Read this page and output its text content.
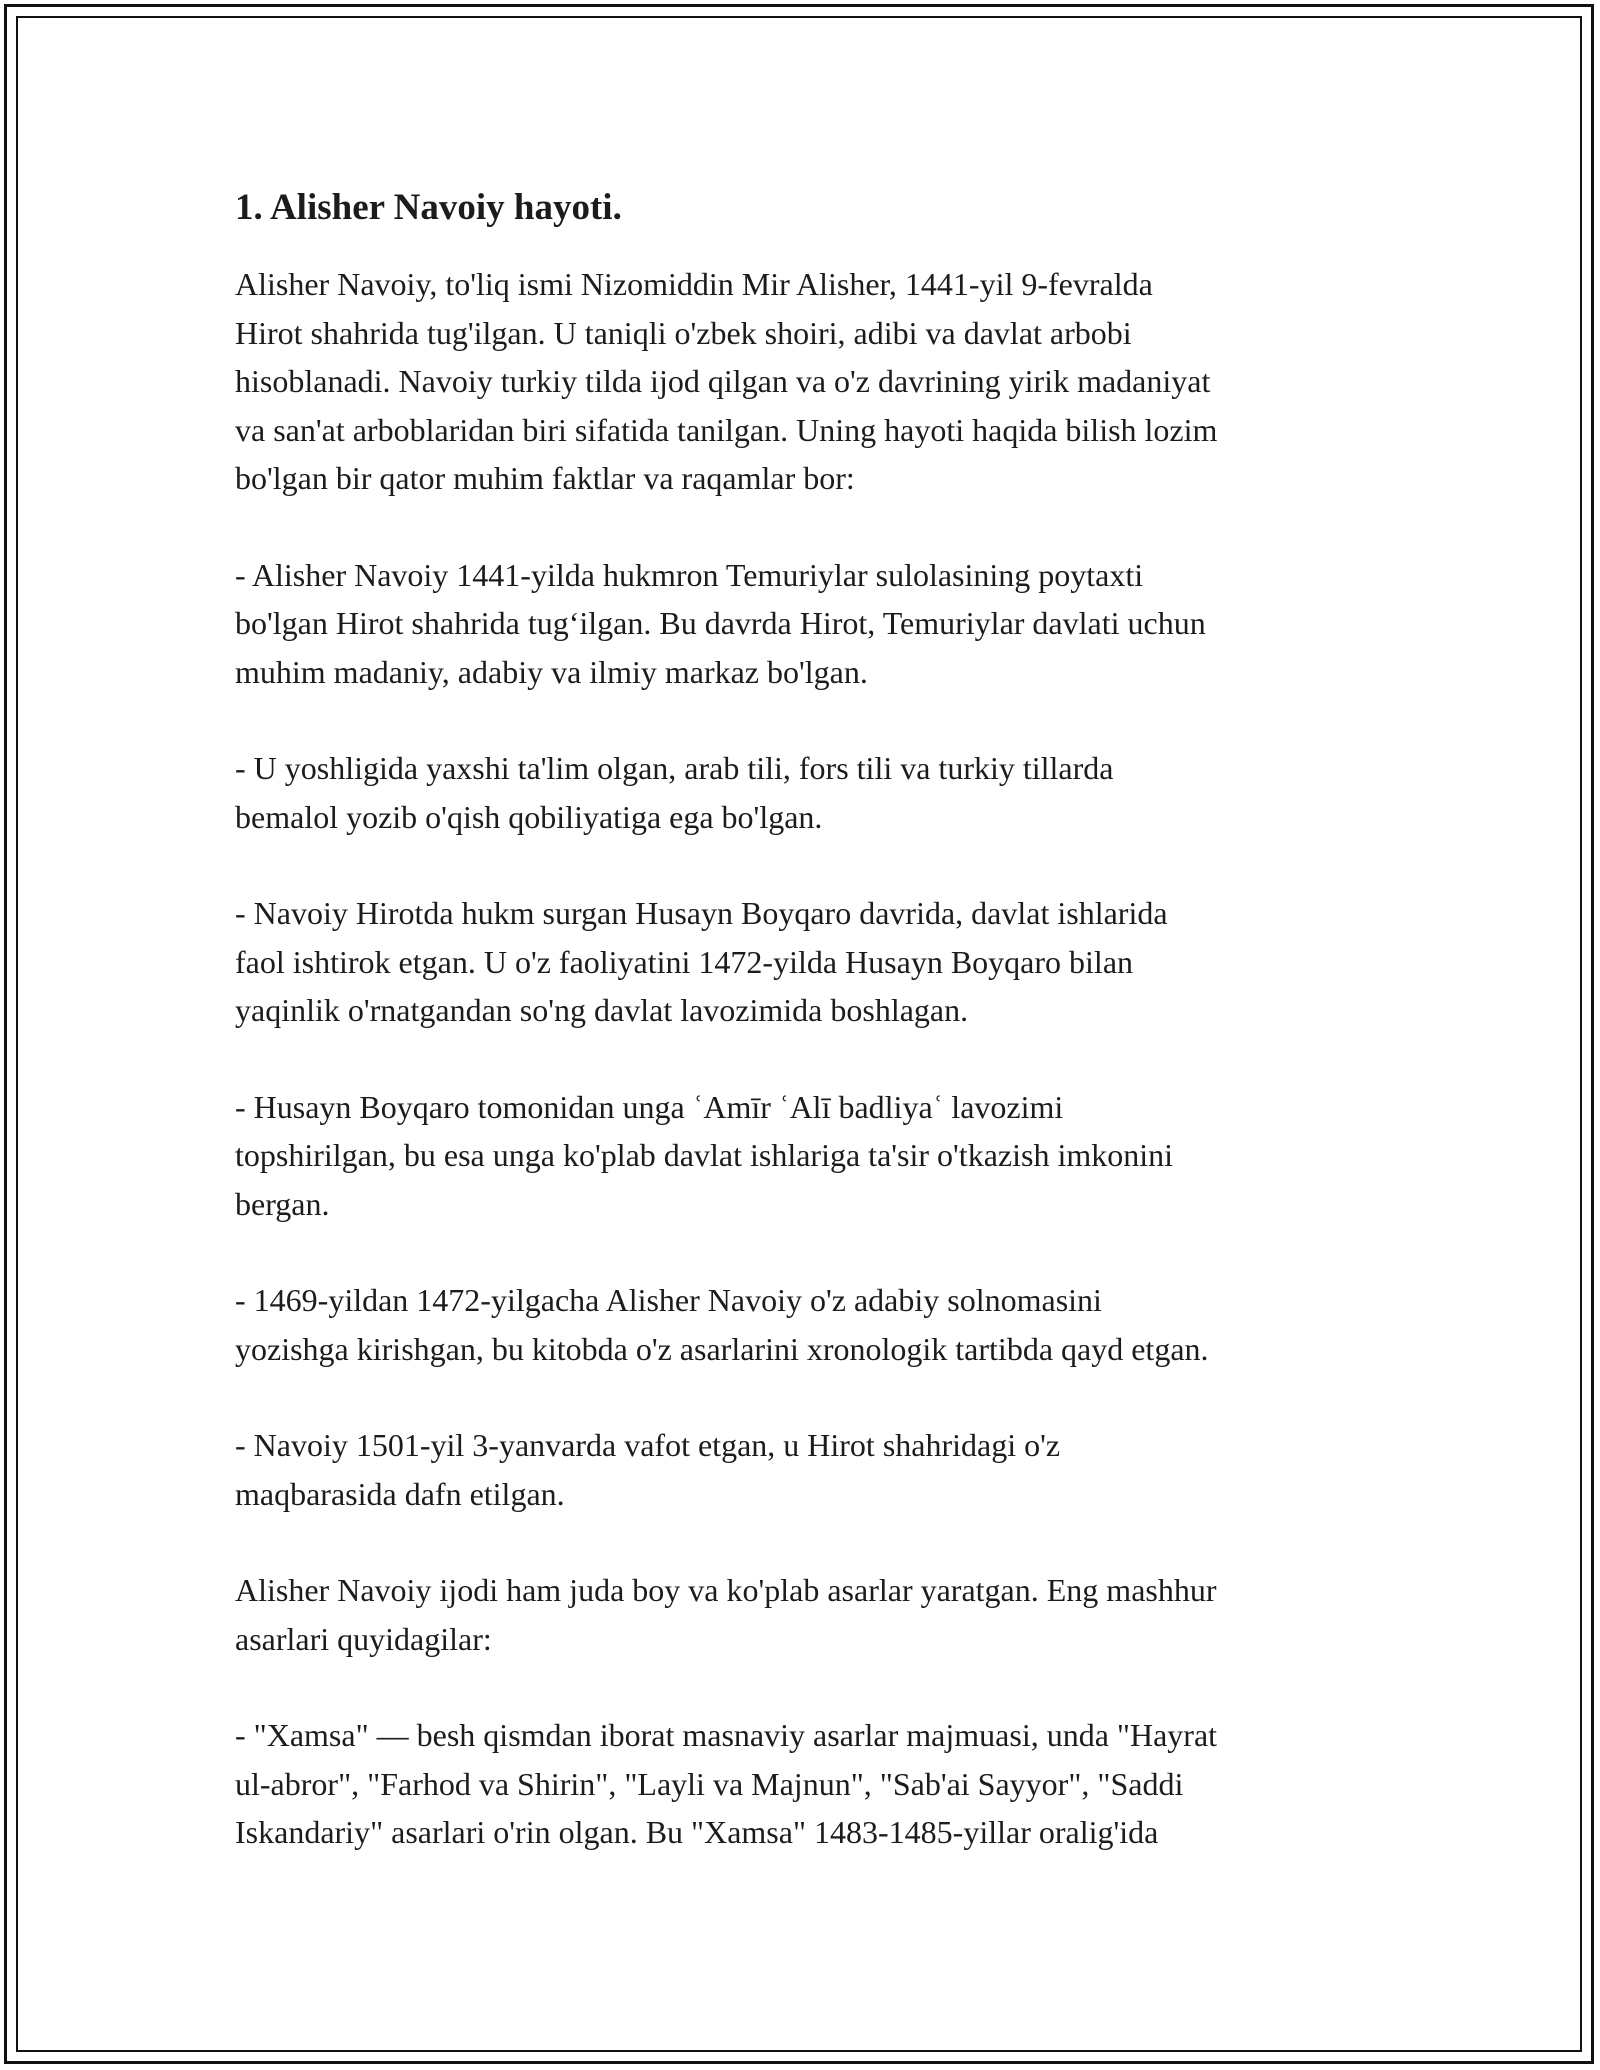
1. Alisher Navoiy hayoti.

Alisher Navoiy, to'liq ismi Nizomiddin Mir Alisher, 1441-yil 9-fevralda
Hirot shahrida tug'ilgan. U taniqli o'zbek shoiri, adibi va davlat arbobi
hisoblanadi. Navoiy turkiy tilda ijod qilgan va o'z davrining yirik madaniyat
va san'at arboblaridan biri sifatida tanilgan. Uning hayoti haqida bilish lozim
bo'lgan bir qator muhim faktlar va raqamlar bor:

- Alisher Navoiy 1441-yilda hukmron Temuriylar sulolasining poytaxti
bo'lgan Hirot shahrida tug‘ilgan. Bu davrda Hirot, Temuriylar davlati uchun
muhim madaniy, adabiy va ilmiy markaz bo'lgan.

- U yoshligida yaxshi ta'lim olgan, arab tili, fors tili va turkiy tillarda
bemalol yozib o'qish qobiliyatiga ega bo'lgan.

- Navoiy Hirotda hukm surgan Husayn Boyqaro davrida, davlat ishlarida
faol ishtirok etgan. U o'z faoliyatini 1472-yilda Husayn Boyqaro bilan
yaqinlik o'rnatgandan so'ng davlat lavozimida boshlagan.

- Husayn Boyqaro tomonidan unga ʿAmīr ʿAlī badliyaʿ lavozimi
topshirilgan, bu esa unga ko'plab davlat ishlariga ta'sir o'tkazish imkonini
bergan.

- 1469-yildan 1472-yilgacha Alisher Navoiy o'z adabiy solnomasini
yozishga kirishgan, bu kitobda o'z asarlarini xronologik tartibda qayd etgan.

- Navoiy 1501-yil 3-yanvarda vafot etgan, u Hirot shahridagi o'z
maqbarasida dafn etilgan.

Alisher Navoiy ijodi ham juda boy va ko'plab asarlar yaratgan. Eng mashhur
asarlari quyidagilar:

- "Xamsa" — besh qismdan iborat masnaviy asarlar majmuasi, unda "Hayrat
ul-abror", "Farhod va Shirin", "Layli va Majnun", "Sab'ai Sayyor", "Saddi
Iskandariy" asarlari o'rin olgan. Bu "Xamsa" 1483-1485-yillar oralig'ida
